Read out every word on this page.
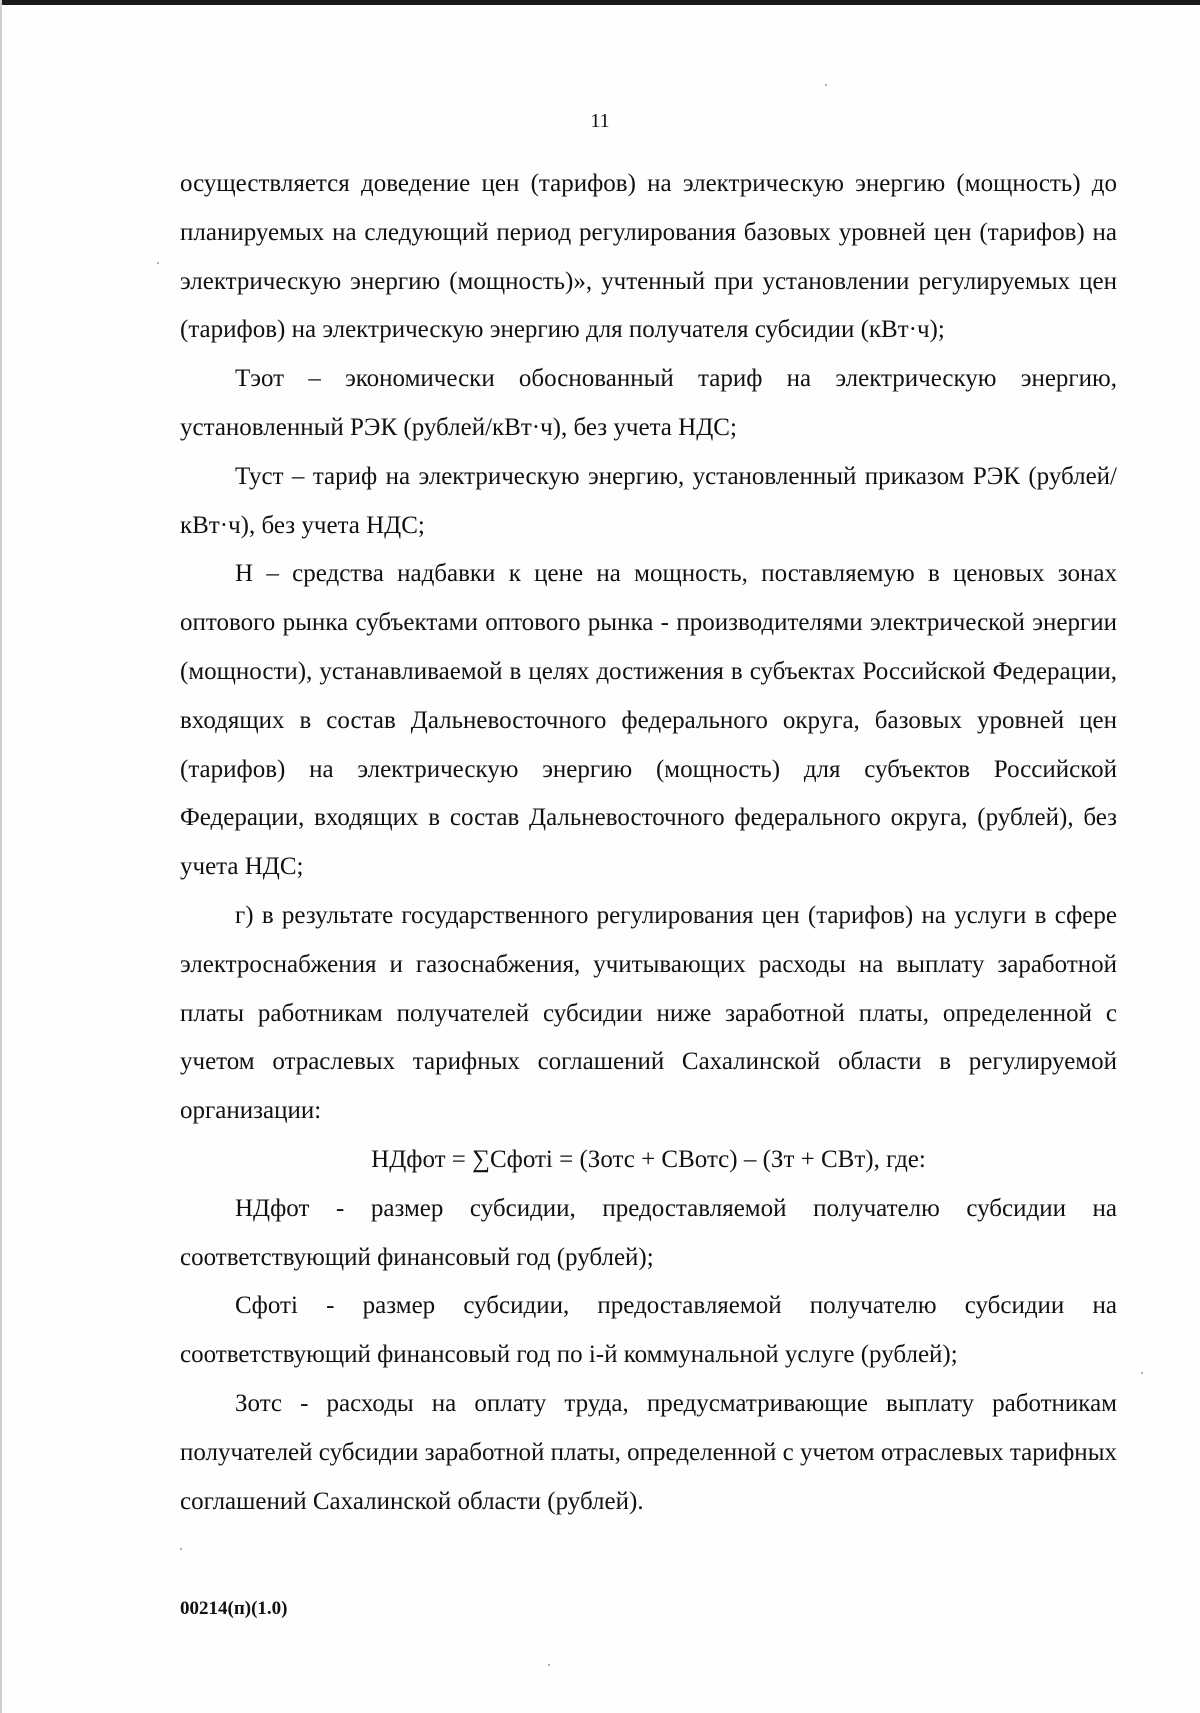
11

осуществляется доведение цен (тарифов) на электрическую энергию (мощность) до планируемых на следующий период регулирования базовых уровней цен (тарифов) на электрическую энергию (мощность)», учтенный при установлении регулируемых цен (тарифов) на электрическую энергию для получателя субсидии (кВт·ч);

Тэот – экономически обоснованный тариф на электрическую энергию, установленный РЭК (рублей/кВт·ч), без учета НДС;

Туст – тариф на электрическую энергию, установленный приказом РЭК (рублей/кВт·ч), без учета НДС;

Н – средства надбавки к цене на мощность, поставляемую в ценовых зонах оптового рынка субъектами оптового рынка - производителями электрической энергии (мощности), устанавливаемой в целях достижения в субъектах Российской Федерации, входящих в состав Дальневосточного федерального округа, базовых уровней цен (тарифов) на электрическую энергию (мощность) для субъектов Российской Федерации, входящих в состав Дальневосточного федерального округа, (рублей), без учета НДС;

г) в результате государственного регулирования цен (тарифов) на услуги в сфере электроснабжения и газоснабжения, учитывающих расходы на выплату заработной платы работникам получателей субсидии ниже заработной платы, определенной с учетом отраслевых тарифных соглашений Сахалинской области в регулируемой организации:

НДфот = ∑Сфотi = (Зотс + СВотс) – (Зт + СВт), где:

НДфот - размер субсидии, предоставляемой получателю субсидии на соответствующий финансовый год (рублей);

Сфотi - размер субсидии, предоставляемой получателю субсидии на соответствующий финансовый год по i-й коммунальной услуге (рублей);

Зотс - расходы на оплату труда, предусматривающие выплату работникам получателей субсидии заработной платы, определенной с учетом отраслевых тарифных соглашений Сахалинской области (рублей).

00214(п)(1.0)
